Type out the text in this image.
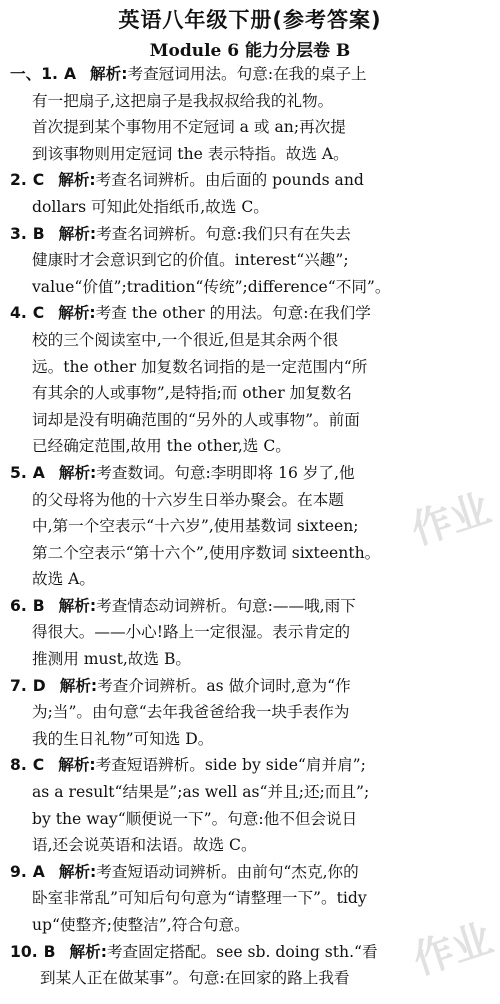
英语八年级下册(参考答案)
Module 6 能力分层卷 B
一、1. A 解析:考查冠词用法。句意:在我的桌子上
有一把扇子,这把扇子是我叔叔给我的礼物。
首次提到某个事物用不定冠词 a 或 an;再次提
到该事物则用定冠词 the 表示特指。故选 A。
2. C 解析:考查名词辨析。由后面的 pounds and
dollars 可知此处指纸币,故选 C。
3. B 解析:考查名词辨析。句意:我们只有在失去
健康时才会意识到它的价值。interest“兴趣”;
value“价值”;tradition“传统”;difference“不同”。
4. C 解析:考查 the other 的用法。句意:在我们学
校的三个阅读室中,一个很近,但是其余两个很
远。the other 加复数名词指的是一定范围内“所
有其余的人或事物”,是特指;而 other 加复数名
词却是没有明确范围的“另外的人或事物”。前面
已经确定范围,故用 the other,选 C。
5. A 解析:考查数词。句意:李明即将 16 岁了,他
的父母将为他的十六岁生日举办聚会。在本题
中,第一个空表示“十六岁”,使用基数词 sixteen;
第二个空表示“第十六个”,使用序数词 sixteenth。
故选 A。
6. B 解析:考查情态动词辨析。句意:——哦,雨下
得很大。——小心!路上一定很湿。表示肯定的
推测用 must,故选 B。
7. D 解析:考查介词辨析。as 做介词时,意为“作
为;当”。由句意“去年我爸爸给我一块手表作为
我的生日礼物”可知选 D。
8. C 解析:考查短语辨析。side by side“肩并肩”;
as a result“结果是”;as well as“并且;还;而且”;
by the way“顺便说一下”。句意:他不但会说日
语,还会说英语和法语。故选 C。
9. A 解析:考查短语动词辨析。由前句“杰克,你的
卧室非常乱”可知后句句意为“请整理一下”。tidy
up“使整齐;使整洁”,符合句意。
10. B 解析:考查固定搭配。see sb. doing sth.“看
到某人正在做某事”。句意:在回家的路上我看
作业
作业
